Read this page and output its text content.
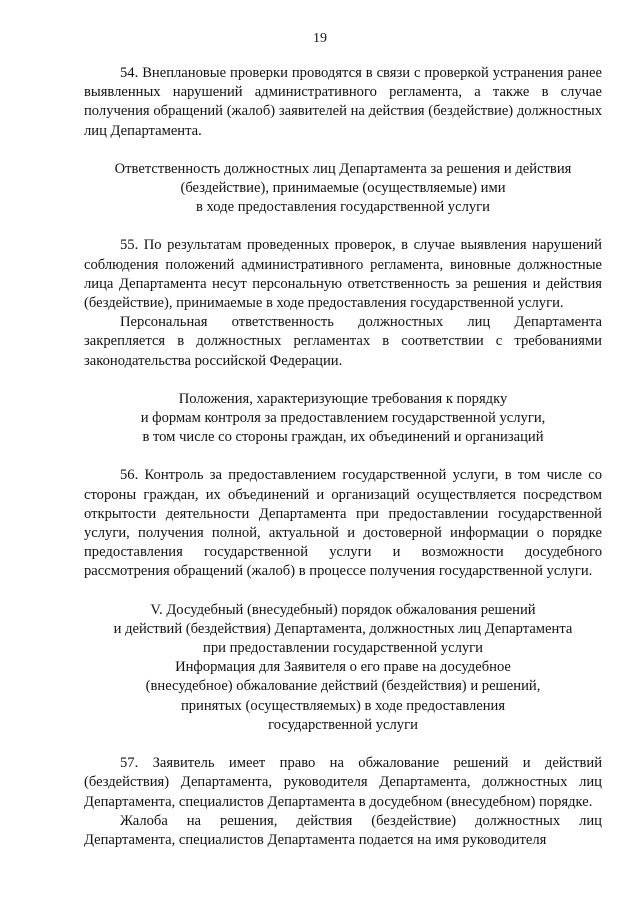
19

54. Внеплановые проверки проводятся в связи с проверкой устранения ранее выявленных нарушений административного регламента, а также в случае получения обращений (жалоб) заявителей на действия (бездействие) должностных лиц Департамента.

Ответственность должностных лиц Департамента за решения и действия
(бездействие), принимаемые (осуществляемые) ими
в ходе предоставления государственной услуги

55. По результатам проведенных проверок, в случае выявления нарушений соблюдения положений административного регламента, виновные должностные лица Департамента несут персональную ответственность за решения и действия (бездействие), принимаемые в ходе предоставления государственной услуги.

Персональная ответственность должностных лиц Департамента закрепляется в должностных регламентах в соответствии с требованиями законодательства российской Федерации.

Положения, характеризующие требования к порядку
и формам контроля за предоставлением государственной услуги,
в том числе со стороны граждан, их объединений и организаций

56. Контроль за предоставлением государственной услуги, в том числе со стороны граждан, их объединений и организаций осуществляется посредством открытости деятельности Департамента при предоставлении государственной услуги, получения полной, актуальной и достоверной информации о порядке предоставления государственной услуги и возможности досудебного рассмотрения обращений (жалоб) в процессе получения государственной услуги.

V. Досудебный (внесудебный) порядок обжалования решений
и действий (бездействия) Департамента, должностных лиц Департамента
при предоставлении государственной услуги
Информация для Заявителя о его праве на досудебное
(внесудебное) обжалование действий (бездействия) и решений,
принятых (осуществляемых) в ходе предоставления
государственной услуги

57. Заявитель имеет право на обжалование решений и действий (бездействия) Департамента, руководителя Департамента, должностных лиц Департамента, специалистов Департамента в досудебном (внесудебном) порядке.

Жалоба на решения, действия (бездействие) должностных лиц Департамента, специалистов Департамента подается на имя руководителя
